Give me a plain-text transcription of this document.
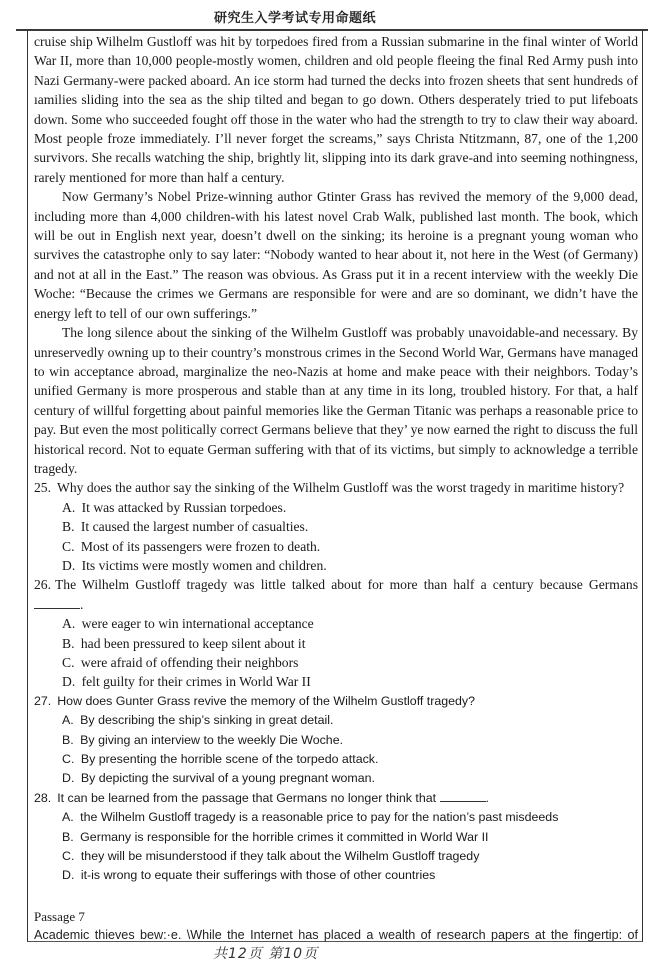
研究生入学考试专用命题纸

cruise ship Wilhelm Gustloff was hit by torpedoes fired from a Russian submarine in the final winter of World War II, more than 10,000 people-mostly women, children and old people fleeing the final Red Army push into Nazi Germany-were packed aboard. An ice storm had turned the decks into frozen sheets that sent hundreds of ıamilies sliding into the sea as the ship tilted and began to go down. Others desperately tried to put lifeboats down. Some who succeeded fought off those in the water who had the strength to try to claw their way aboard. Most people froze immediately. I’ll never forget the screams,” says Christa Ntitzmann, 87, one of the 1,200 survivors. She recalls watching the ship, brightly lit, slipping into its dark grave-and into seeming nothingness, rarely mentioned for more than half a century.

Now Germany’s Nobel Prize-winning author Gtinter Grass has revived the memory of the 9,000 dead, including more than 4,000 children-with his latest novel Crab Walk, published last month. The book, which will be out in English next year, doesn’t dwell on the sinking; its heroine is a pregnant young woman who survives the catastrophe only to say later: “Nobody wanted to hear about it, not here in the West (of Germany) and not at all in the East.” The reason was obvious. As Grass put it in a recent interview with the weekly Die Woche: “Because the crimes we Germans are responsible for were and are so dominant, we didn’t have the energy left to tell of our own sufferings.”

The long silence about the sinking of the Wilhelm Gustloff was probably unavoidable-and necessary. By unreservedly owning up to their country’s monstrous crimes in the Second World War, Germans have managed to win acceptance abroad, marginalize the neo-Nazis at home and make peace with their neighbors. Today’s unified Germany is more prosperous and stable than at any time in its long, troubled history. For that, a half century of willful forgetting about painful memories like the German Titanic was perhaps a reasonable price to pay. But even the most politically correct Germans believe that they’ ye now earned the right to discuss the full historical record. Not to equate German suffering with that of its victims, but simply to acknowledge a terrible tragedy.

25. Why does the author say the sinking of the Wilhelm Gustloff was the worst tragedy in maritime history?

A. It was attacked by Russian torpedoes.
B. It caused the largest number of casualties.
C. Most of its passengers were frozen to death.
D. Its victims were mostly women and children.

26. The Wilhelm Gustloff tragedy was little talked about for more than half a century because Germans

.
A. were eager to win international acceptance
B. had been pressured to keep silent about it
C. were afraid of offending their neighbors
D. felt guilty for their crimes in World War II

27. How does Gunter Grass revive the memory of the Wilhelm Gustloff tragedy?

A. By describing the ship’s sinking in great detail.
B. By giving an interview to the weekly Die Woche.
C. By presenting the horrible scene of the torpedo attack.
D. By depicting the survival of a young pregnant woman.

28. It can be learned from the passage that Germans no longer think that	.

A. the Wilhelm Gustloff tragedy is a reasonable price to pay for the nation’s past misdeeds
B. Germany is responsible for the horrible crimes it committed in World War II
C. they will be misunderstood if they talk about the Wilhelm Gustloff tragedy
D. it-is wrong to equate their sufferings with those of other countries
Passage 7
Academic thieves bew:·e. \While the Internet has placed a wealth of research papers at the fingertip: of
共12页 第10页
